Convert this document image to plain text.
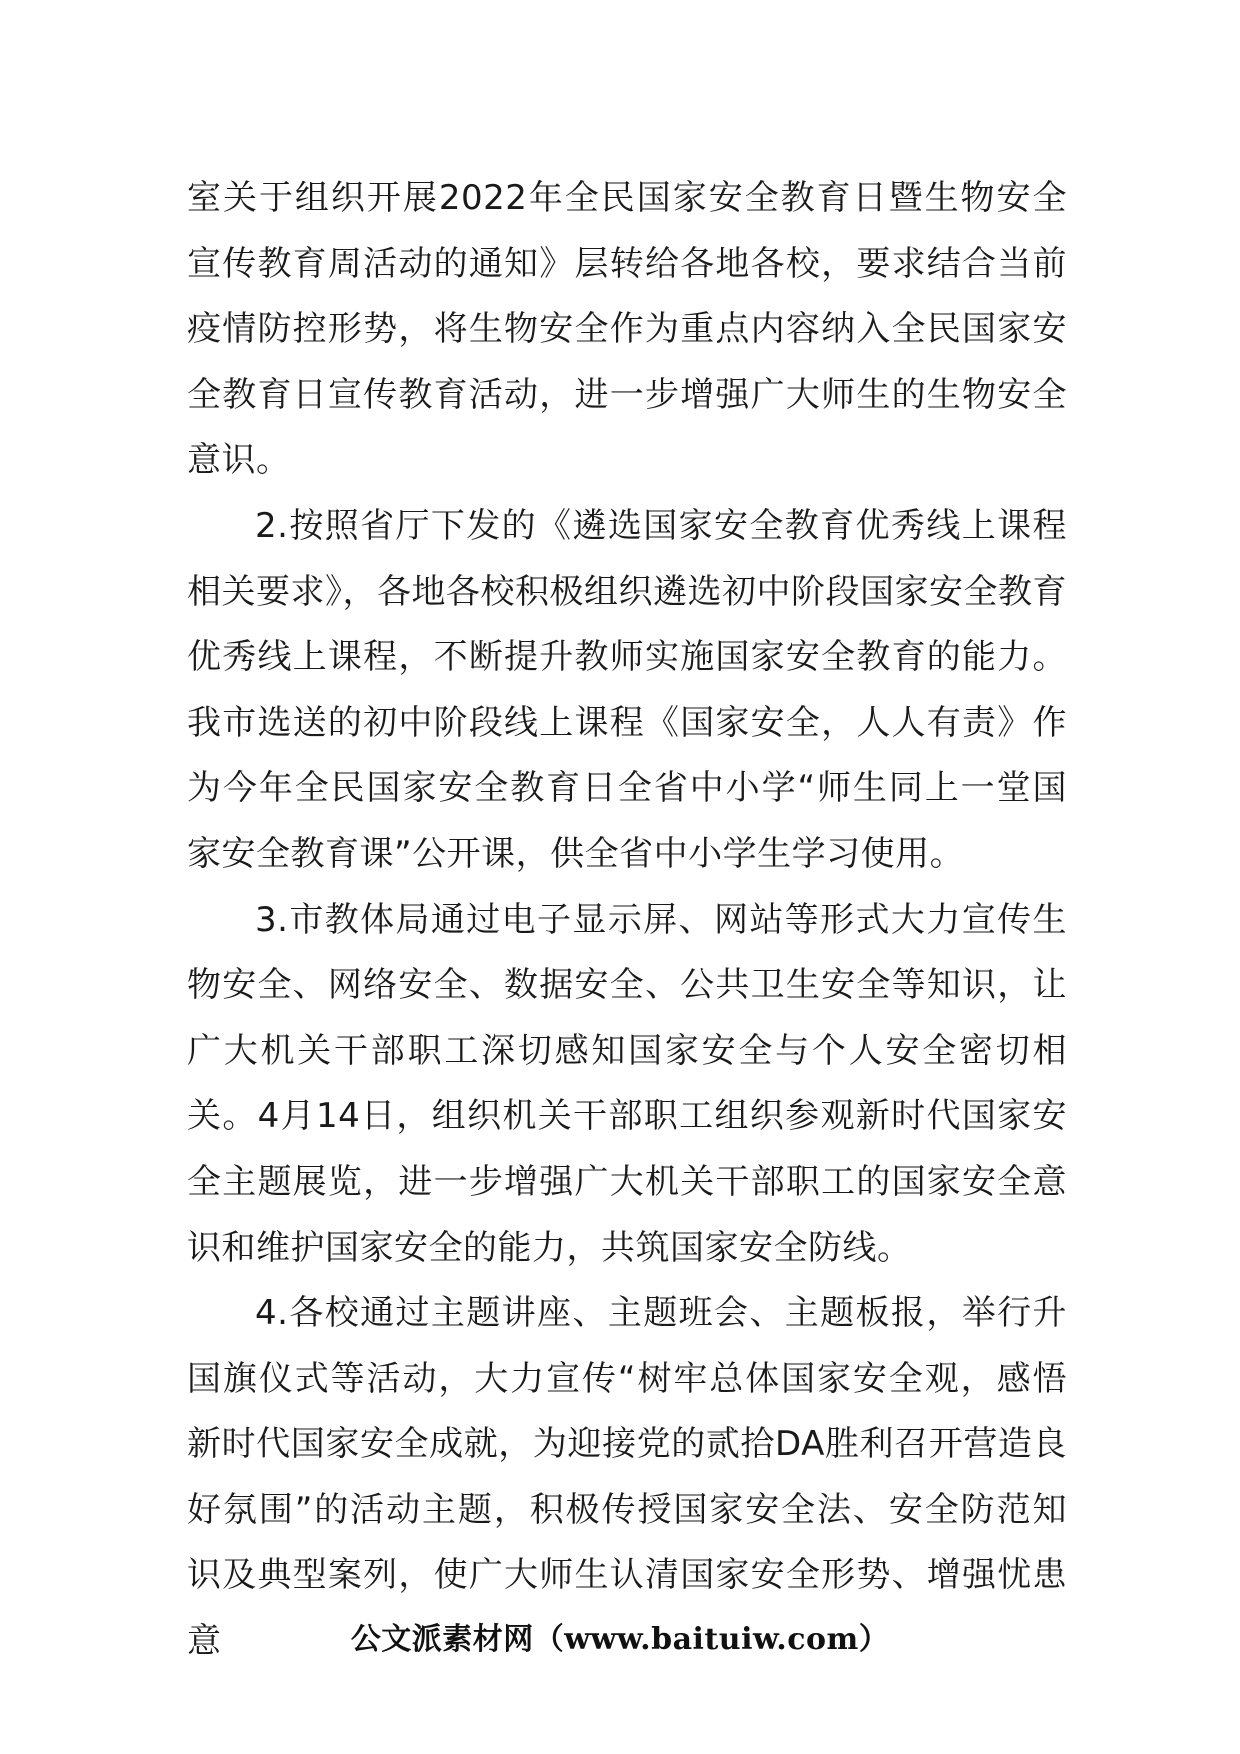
室关于组织开展2022年全民国家安全教育日暨生物安全宣传教育周活动的通知》层转给各地各校，要求结合当前疫情防控形势，将生物安全作为重点内容纳入全民国家安全教育日宣传教育活动，进一步增强广大师生的生物安全意识。

2.按照省厅下发的《遴选国家安全教育优秀线上课程相关要求》，各地各校积极组织遴选初中阶段国家安全教育优秀线上课程，不断提升教师实施国家安全教育的能力。我市选送的初中阶段线上课程《国家安全，人人有责》作为今年全民国家安全教育日全省中小学“师生同上一堂国家安全教育课”公开课，供全省中小学生学习使用。

3.市教体局通过电子显示屏、网站等形式大力宣传生物安全、网络安全、数据安全、公共卫生安全等知识，让广大机关干部职工深切感知国家安全与个人安全密切相关。4月14日，组织机关干部职工组织参观新时代国家安全主题展览，进一步增强广大机关干部职工的国家安全意识和维护国家安全的能力，共筑国家安全防线。

4.各校通过主题讲座、主题班会、主题板报，举行升国旗仪式等活动，大力宣传“树牢总体国家安全观，感悟新时代国家安全成就，为迎接党的贰拾DA胜利召开营造良好氛围”的活动主题，积极传授国家安全法、安全防范知识及典型案列，使广大师生认清国家安全形势、增强忧患意	公文派素材网（www.baituiw.com）
